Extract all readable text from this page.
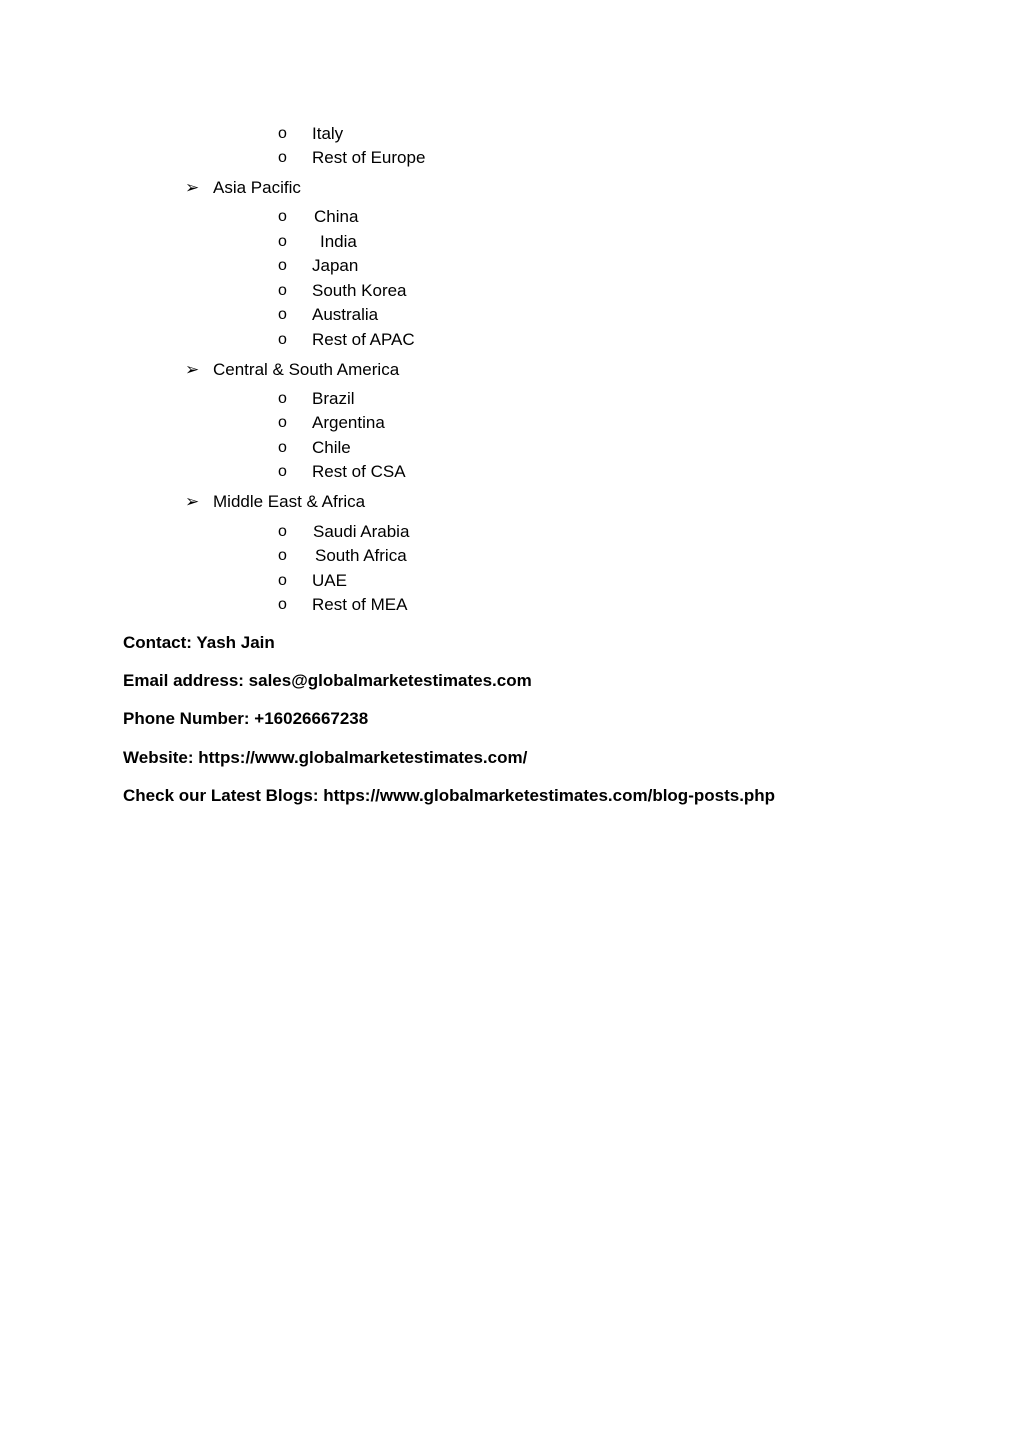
o Italy
o Rest of Europe
➢ Asia Pacific
o China
o India
o Japan
o South Korea
o Australia
o Rest of APAC
➢ Central & South America
o Brazil
o Argentina
o Chile
o Rest of CSA
➢ Middle East & Africa
o Saudi Arabia
o South Africa
o UAE
o Rest of MEA
Contact: Yash Jain
Email address: sales@globalmarketestimates.com
Phone Number: +16026667238
Website: https://www.globalmarketestimates.com/
Check our Latest Blogs: https://www.globalmarketestimates.com/blog-posts.php
